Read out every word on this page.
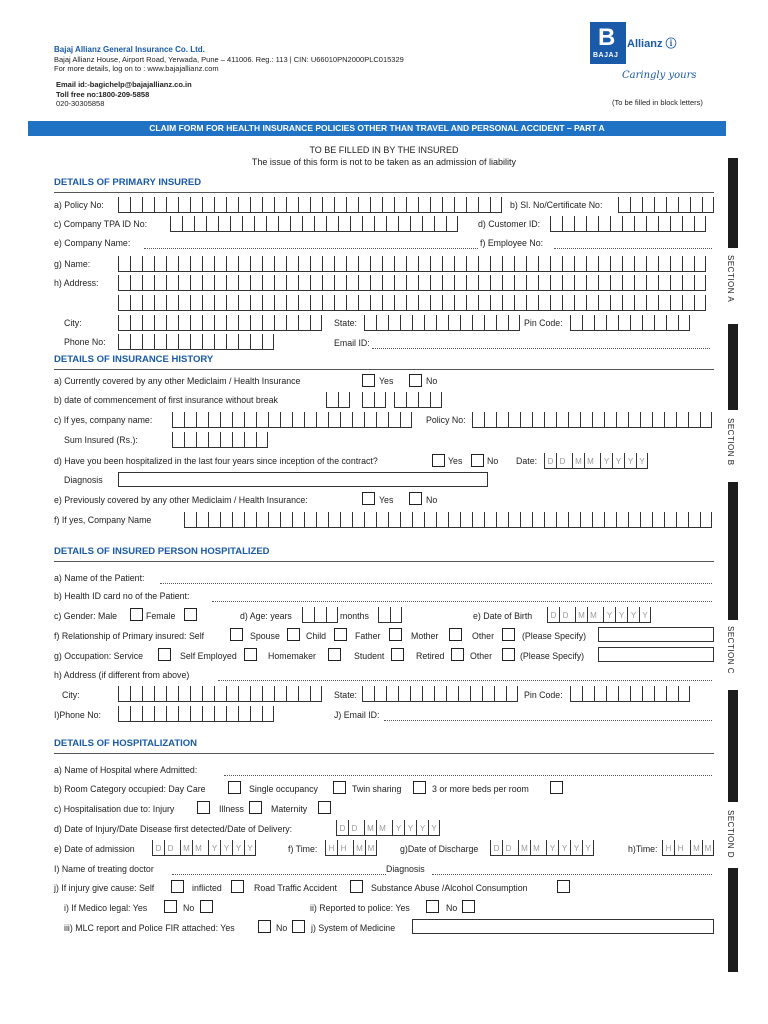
Bajaj Allianz General Insurance Co. Ltd.
Bajaj Allianz House, Airport Road, Yerwada, Pune – 411006. Reg.: 113 | CIN: U66010PN2000PLC015329
For more details, log on to : www.bajajallianz.com
Email id:-bagichelp@bajajallianz.co.in
Toll free no:1800-209-5858
020-30305858
B
BAJAJ
Allianz ⓘ
Caringly yours
(To be filled in block letters)
CLAIM FORM FOR HEALTH INSURANCE POLICIES OTHER THAN TRAVEL AND PERSONAL ACCIDENT – PART A
TO BE FILLED IN BY THE INSURED
The issue of this form is not to be taken as an admission of liability
SECTION A
SECTION B
SECTION C
SECTION D
DETAILS OF PRIMARY INSURED
a) Policy No:	b) Sl. No/Certificate No:
c) Company TPA ID No:	d) Customer ID:
e) Company Name:	f) Employee No:
g) Name:
h) Address:
City:	State:	Pin Code:
Phone No:	Email ID:
DETAILS OF INSURANCE HISTORY
a) Currently covered by any other Mediclaim / Health Insurance	Yes	No
b) date of commencement of first insurance without break
c) If yes, company name:	Policy No:
Sum Insured (Rs.):
d) Have you been hospitalized in the last four years since inception of the contract?	Yes	No Date:	D D	M M	Y Y Y Y
Diagnosis
e) Previously covered by any other Mediclaim / Health Insurance:	Yes	No
f) If yes, Company Name
DETAILS OF INSURED PERSON HOSPITALIZED
a) Name of the Patient:
b) Health ID card no of the Patient:
c) Gender: Male	Female	d) Age: years	months	e) Date of Birth	D D	M M	Y Y Y Y
f) Relationship of Primary insured: Self	Spouse	Child	Father	Mother	Other	(Please Specify)
g) Occupation: Service	Self Employed	Homemaker	Student	Retired	Other	(Please Specify)
h) Address (if different from above)
City:	State:	Pin Code:
I)Phone No:	J) Email ID:
DETAILS OF HOSPITALIZATION
a) Name of Hospital where Admitted:
b) Room Category occupied: Day Care	Single occupancy	Twin sharing	3 or more beds per room
c) Hospitalisation due to: Injury	Illness	Maternity
d) Date of Injury/Date Disease first detected/Date of Delivery:	D D	M M	Y Y Y Y
e) Date of admission	D D	M M	Y Y Y Y	f) Time:	H H	M M	g)Date of Discharge	D D	M M	Y Y Y Y	h)Time:	H H	M M
I) Name of treating doctor	Diagnosis
j) If injury give cause: Self	inflicted	Road Traffic Accident	Substance Abuse /Alcohol Consumption
i) If Medico legal: Yes	No	ii) Reported to police: Yes	No
iii) MLC report and Police FIR attached: Yes	No	j) System of Medicine
